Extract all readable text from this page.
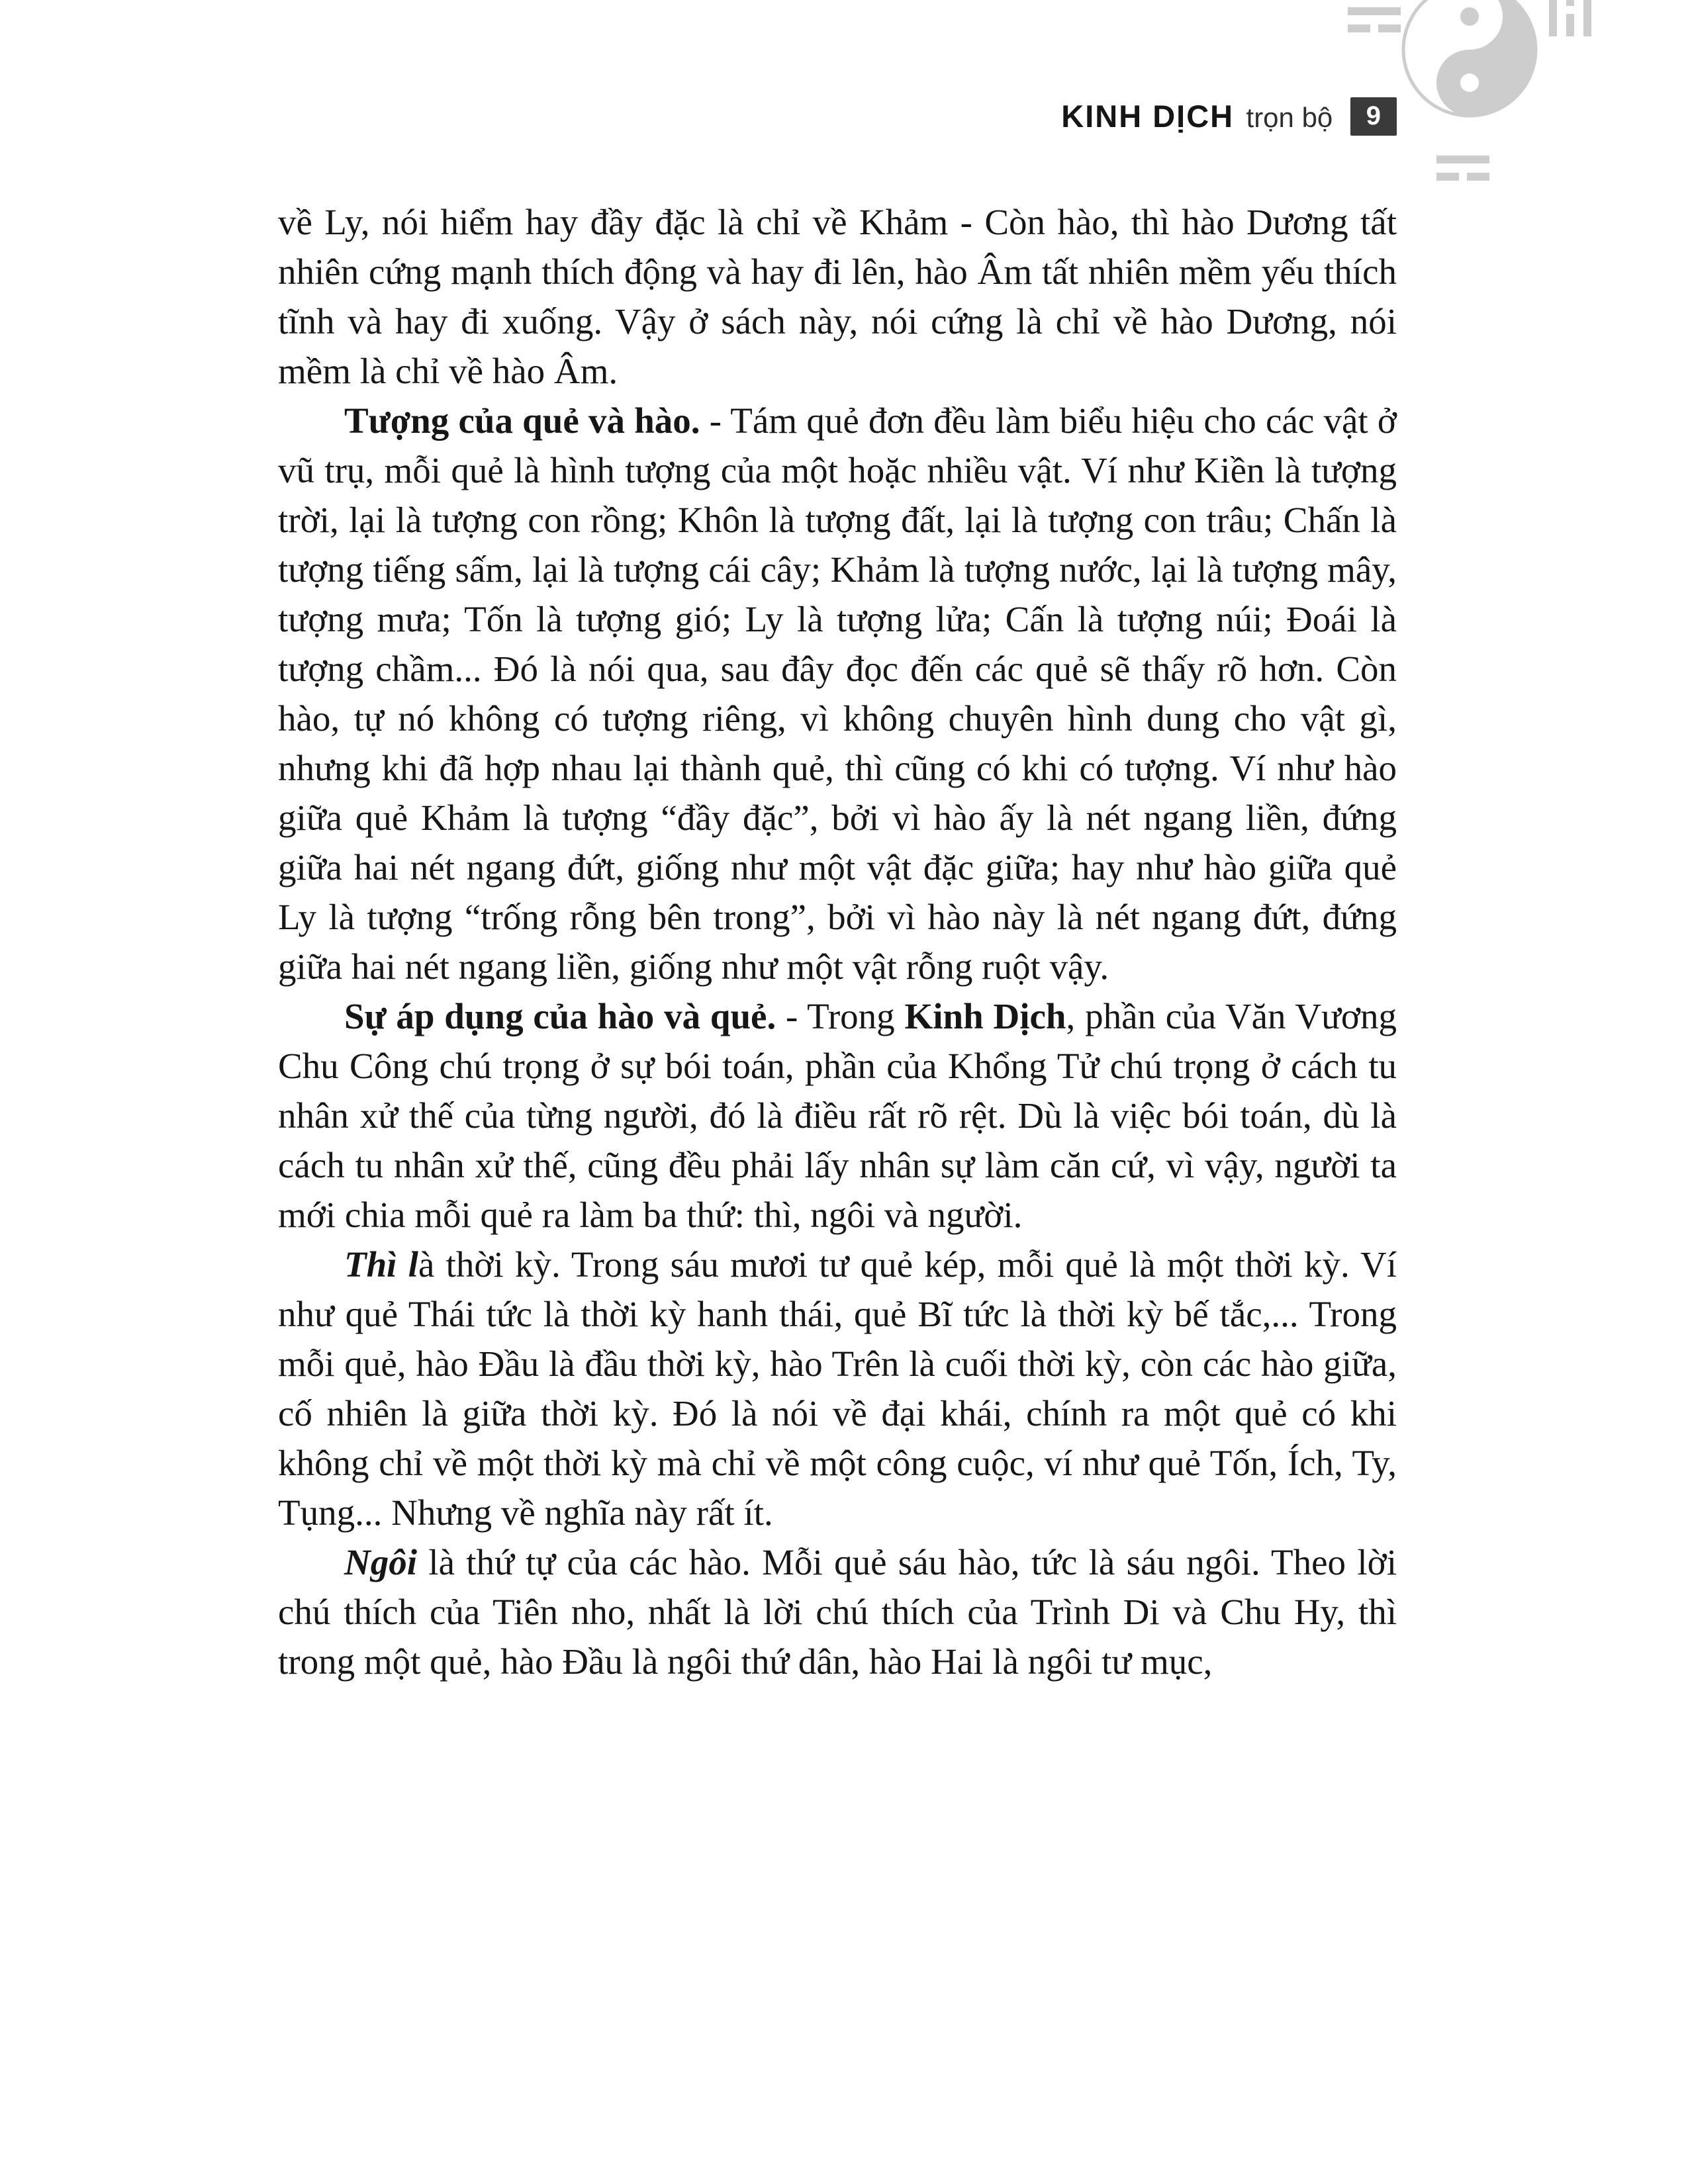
KINH DỊCH trọn bộ 9

về Ly, nói hiểm hay đầy đặc là chỉ về Khảm - Còn hào, thì hào Dương tất nhiên cứng mạnh thích động và hay đi lên, hào Âm tất nhiên mềm yếu thích tĩnh và hay đi xuống. Vậy ở sách này, nói cứng là chỉ về hào Dương, nói mềm là chỉ về hào Âm.

Tượng của quẻ và hào. - Tám quẻ đơn đều làm biểu hiệu cho các vật ở vũ trụ, mỗi quẻ là hình tượng của một hoặc nhiều vật. Ví như Kiền là tượng trời, lại là tượng con rồng; Khôn là tượng đất, lại là tượng con trâu; Chấn là tượng tiếng sấm, lại là tượng cái cây; Khảm là tượng nước, lại là tượng mây, tượng mưa; Tốn là tượng gió; Ly là tượng lửa; Cấn là tượng núi; Đoái là tượng chầm... Đó là nói qua, sau đây đọc đến các quẻ sẽ thấy rõ hơn. Còn hào, tự nó không có tượng riêng, vì không chuyên hình dung cho vật gì, nhưng khi đã hợp nhau lại thành quẻ, thì cũng có khi có tượng. Ví như hào giữa quẻ Khảm là tượng “đầy đặc”, bởi vì hào ấy là nét ngang liền, đứng giữa hai nét ngang đứt, giống như một vật đặc giữa; hay như hào giữa quẻ Ly là tượng “trống rỗng bên trong”, bởi vì hào này là nét ngang đứt, đứng giữa hai nét ngang liền, giống như một vật rỗng ruột vậy.

Sự áp dụng của hào và quẻ. - Trong Kinh Dịch, phần của Văn Vương Chu Công chú trọng ở sự bói toán, phần của Khổng Tử chú trọng ở cách tu nhân xử thế của từng người, đó là điều rất rõ rệt. Dù là việc bói toán, dù là cách tu nhân xử thế, cũng đều phải lấy nhân sự làm căn cứ, vì vậy, người ta mới chia mỗi quẻ ra làm ba thứ: thì, ngôi và người.

Thì là thời kỳ. Trong sáu mươi tư quẻ kép, mỗi quẻ là một thời kỳ. Ví như quẻ Thái tức là thời kỳ hanh thái, quẻ Bĩ tức là thời kỳ bế tắc,... Trong mỗi quẻ, hào Đầu là đầu thời kỳ, hào Trên là cuối thời kỳ, còn các hào giữa, cố nhiên là giữa thời kỳ. Đó là nói về đại khái, chính ra một quẻ có khi không chỉ về một thời kỳ mà chỉ về một công cuộc, ví như quẻ Tốn, Ích, Ty, Tụng... Nhưng về nghĩa này rất ít.

Ngôi là thứ tự của các hào. Mỗi quẻ sáu hào, tức là sáu ngôi. Theo lời chú thích của Tiên nho, nhất là lời chú thích của Trình Di và Chu Hy, thì trong một quẻ, hào Đầu là ngôi thứ dân, hào Hai là ngôi tư mục,
